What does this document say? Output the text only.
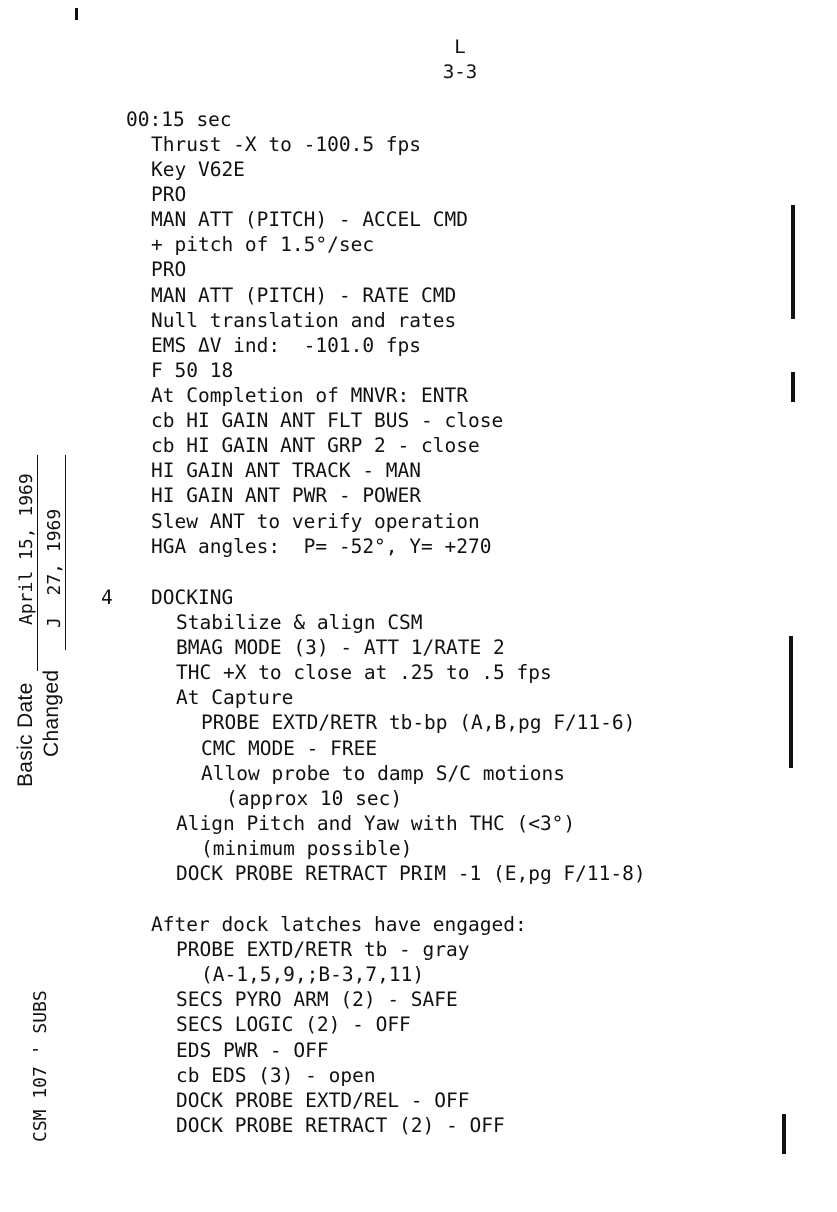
L
3-3
Basic Date Changed
April 15, 1969 J  27, 1969
CSM 107 ' SUBS
00:15 sec
Thrust -X to -100.5 fps
Key V62E
PRO
MAN ATT (PITCH) - ACCEL CMD
+ pitch of 1.5°/sec
PRO
MAN ATT (PITCH) - RATE CMD
Null translation and rates
EMS ΔV ind:  -101.0 fps
F 50 18
At Completion of MNVR: ENTR
cb HI GAIN ANT FLT BUS - close
cb HI GAIN ANT GRP 2 - close
HI GAIN ANT TRACK - MAN
HI GAIN ANT PWR - POWER
Slew ANT to verify operation
HGA angles:  P= -52°, Y= +270
4 DOCKING
Stabilize & align CSM
BMAG MODE (3) - ATT 1/RATE 2
THC +X to close at .25 to .5 fps
At Capture
PROBE EXTD/RETR tb-bp (A,B,pg F/11-6)
CMC MODE - FREE
Allow probe to damp S/C motions
(approx 10 sec)
Align Pitch and Yaw with THC (<3°)
(minimum possible)
DOCK PROBE RETRACT PRIM -1 (E,pg F/11-8)
After dock latches have engaged:
PROBE EXTD/RETR tb - gray
(A-1,5,9,;B-3,7,11)
SECS PYRO ARM (2) - SAFE
SECS LOGIC (2) - OFF
EDS PWR - OFF
cb EDS (3) - open
DOCK PROBE EXTD/REL - OFF
DOCK PROBE RETRACT (2) - OFF
